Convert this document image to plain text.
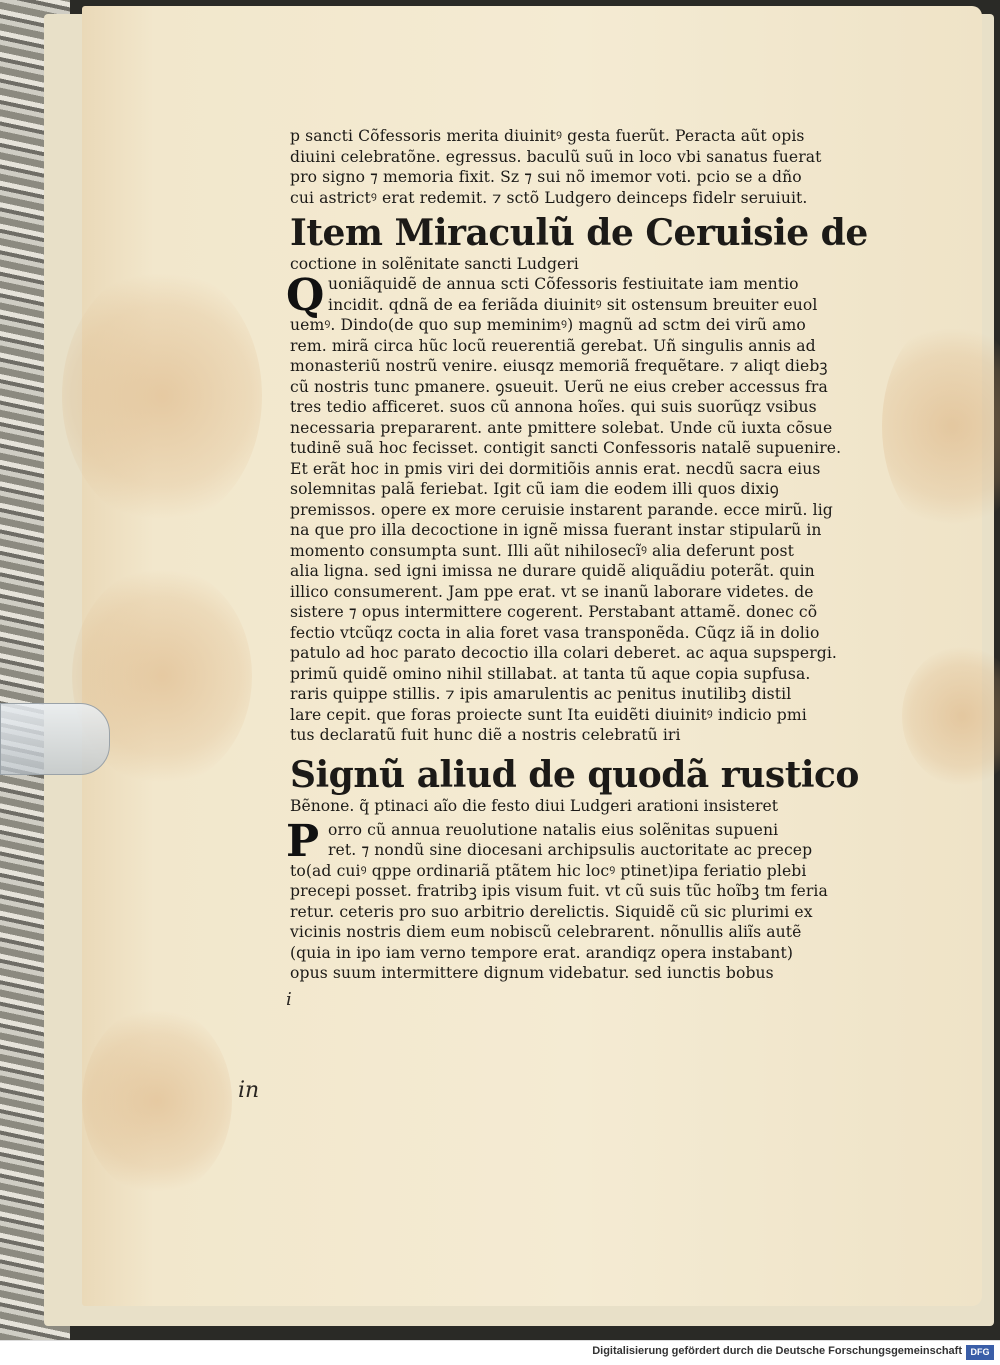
p sancti Cõfessoris merita diuinitꝰ gesta fuerũt. Peracta aũt opis
diuini celebratõne. egressus. baculũ suũ in loco vbi sanatus fuerat
pro signo ⁊ memoria fixit. Sz ⁊ sui nõ imemor voti. pcio se a dño
cui astrictꝰ erat redemit. ⁊ sctõ Ludgero deinceps fidelr seruiuit.
Item Miraculũ de Ceruisie de
coctione in solẽnitate sancti Ludgeri
Q uoniãquidẽ de annua scti Cõfessoris festiuitate iam mentio
incidit. qdnã de ea feriãda diuinitꝰ sit ostensum breuiter euol
uemꝰ. Dindo(de quo sup meminimꝰ) magnũ ad sctm dei virũ amo
rem. mirã circa hũc locũ reuerentiã gerebat. Uñ singulis annis ad
monasteriũ nostrũ venire. eiusqz memoriã frequẽtare. ⁊ aliqt diebꝫ
cũ nostris tunc pmanere. ꝯsueuit. Uerũ ne eius creber accessus fra
tres tedio afficeret. suos cũ annona hoĩes. qui suis suorũqz vsibus
necessaria prepararent. ante pmittere solebat. Unde cũ iuxta cõsue
tudinẽ suã hoc fecisset. contigit sancti Confessoris natalẽ supuenire.
Et erãt hoc in pmis viri dei dormitiõis annis erat. necdũ sacra eius
solemnitas palã feriebat. Igit cũ iam die eodem illi quos dixiꝯ
premissos. opere ex more ceruisie instarent parande. ecce mirũ. lig
na que pro illa decoctione in ignẽ missa fuerant instar stipularũ in
momento consumpta sunt. Illi aũt nihilosecĩꝰ alia deferunt post
alia ligna. sed igni imissa ne durare quidẽ aliquãdiu poterãt. quin
illico consumerent. Jam ppe erat. vt se inanũ laborare videtes. de
sistere ⁊ opus intermittere cogerent. Perstabant attamẽ. donec cõ
fectio vtcũqz cocta in alia foret vasa transponẽda. Cũqz iã in dolio
patulo ad hoc parato decoctio illa colari deberet. ac aqua supspergi.
primũ quidẽ omino nihil stillabat. at tanta tũ aque copia supfusa.
raris quippe stillis. ⁊ ipis amarulentis ac penitus inutilibꝫ distil
lare cepit. que foras proiecte sunt Ita euidẽti diuinitꝰ indicio pmi
tus declaratũ fuit hunc diẽ a nostris celebratũ iri
Signũ aliud de quodã rustico
Bẽnone. q̃ ptinaci aĩo die festo diui Ludgeri arationi insisteret
P orro cũ annua reuolutione natalis eius solẽnitas supueni
ret. ⁊ nondũ sine diocesani archipsulis auctoritate ac precep
to(ad cuiꝰ qppe ordinariã ptãtem hic locꝰ ptinet)ipa feriatio plebi
precepi posset. fratribꝫ ipis visum fuit. vt cũ suis tũc hoĩbꝫ tm feria
retur. ceteris pro suo arbitrio derelictis. Siquidẽ cũ sic plurimi ex
vicinis nostris diem eum nobiscũ celebrarent. nõnullis aliĩs autẽ
(quia in ipo iam verno tempore erat. arandiqz opera instabant)
opus suum intermittere dignum videbatur. sed iunctis bobus
i
in
Digitalisierung gefördert durch die Deutsche Forschungsgemeinschaft DFG
